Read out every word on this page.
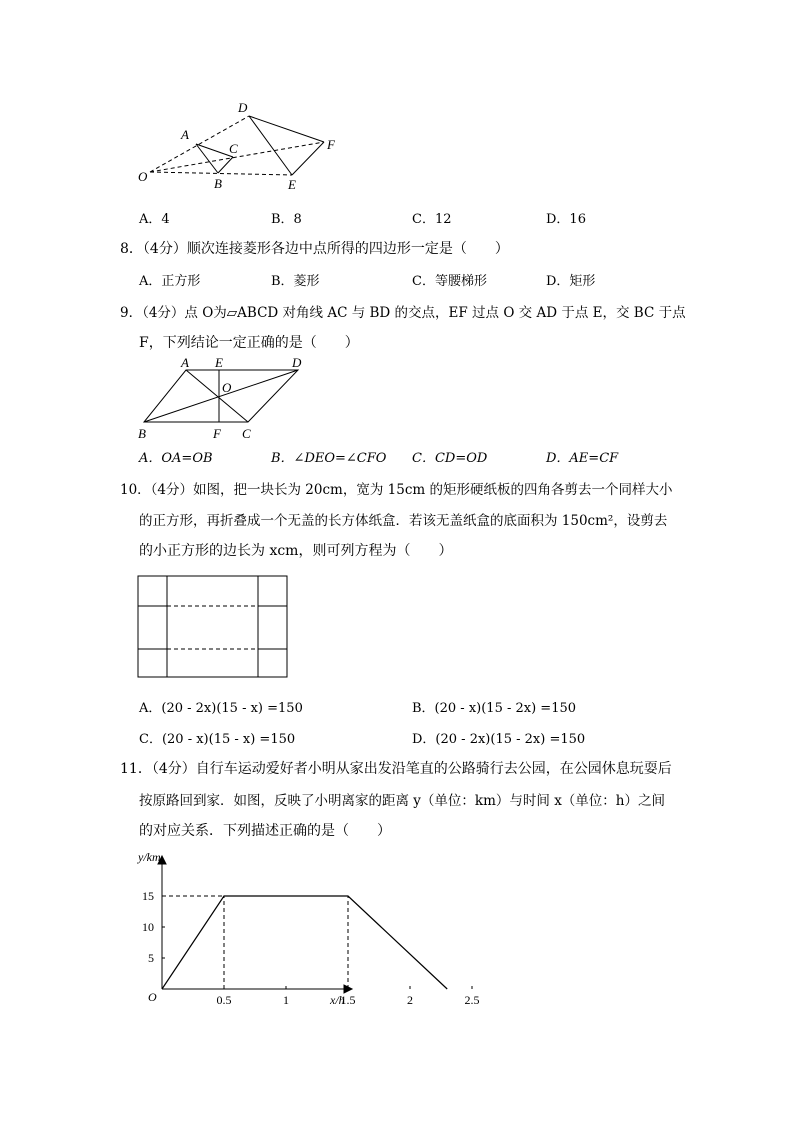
D
A
C	F
O	B	E
A．4	B．8	C．12	D．16
8．（4分）顺次连接菱形各边中点所得的四边形一定是（　　）
A．正方形	B．菱形	C．等腰梯形	D．矩形
9．（4分）点 O为▱ABCD 对角线 AC 与 BD 的交点，EF 过点 O 交 AD 于点 E，交 BC 于点
F，下列结论一定正确的是（　　）
A E	D
O
B	F C
A．OA=OB	B．∠DEO=∠CFO C．CD=OD	D．AE=CF
10．（4分）如图，把一块长为 20cm，宽为 15cm 的矩形硬纸板的四角各剪去一个同样大小
的正方形，再折叠成一个无盖的长方体纸盒．若该无盖纸盒的底面积为 150cm²，设剪去
的小正方形的边长为 xcm，则可列方程为（　　）
A．(20 - 2x)(15 - x) =150	B．(20 - x)(15 - 2x) =150
C．(20 - x)(15 - x) =150	D．(20 - 2x)(15 - 2x) =150
11．（4分）自行车运动爱好者小明从家出发沿笔直的公路骑行去公园，在公园休息玩耍后
按原路回到家．如图，反映了小明离家的距离 y（单位：km）与时间 x（单位：h）之间
的对应关系．下列描述正确的是（　　）
y/km
x/h
O	0.5	1	1.5	2	2.5
5
10
15
